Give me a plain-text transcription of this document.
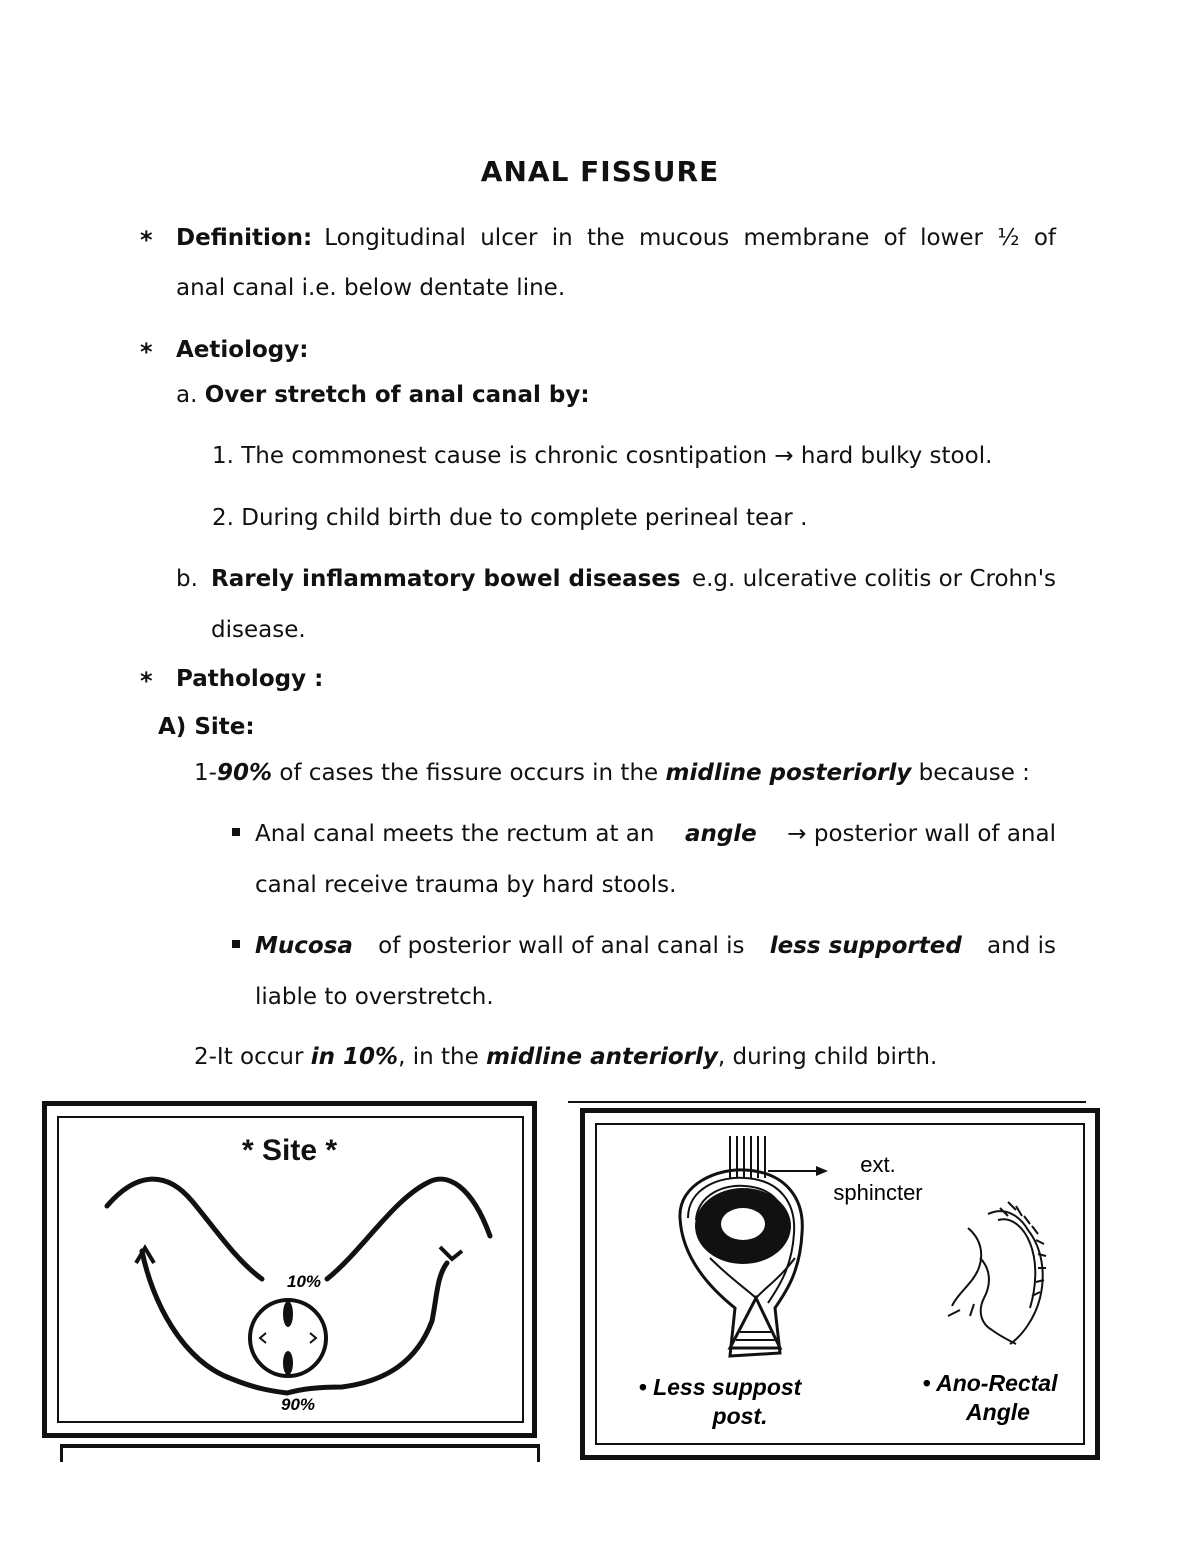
ANAL FISSURE
* Definition: Longitudinal ulcer in the mucous membrane of lower ½ of
anal canal i.e. below dentate line.
* Aetiology:
a. Over stretch of anal canal by:
1. The commonest cause is chronic cosntipation → hard bulky stool.
2. During child birth due to complete perineal tear .
b. Rarely inflammatory bowel diseases e.g. ulcerative colitis or Crohn's
disease.
* Pathology :
A) Site:
1-90% of cases the fissure occurs in the midline posteriorly because :
Anal canal meets the rectum at an angle → posterior wall of anal
canal receive trauma by hard stools.
Mucosa of posterior wall of anal canal is less supported and is
liable to overstretch.
2-It occur in 10%, in the midline anteriorly, during child birth.
* Site *
10%
90%
ext.
sphincter
• Less suppost
post.
• Ano-Rectal
Angle
